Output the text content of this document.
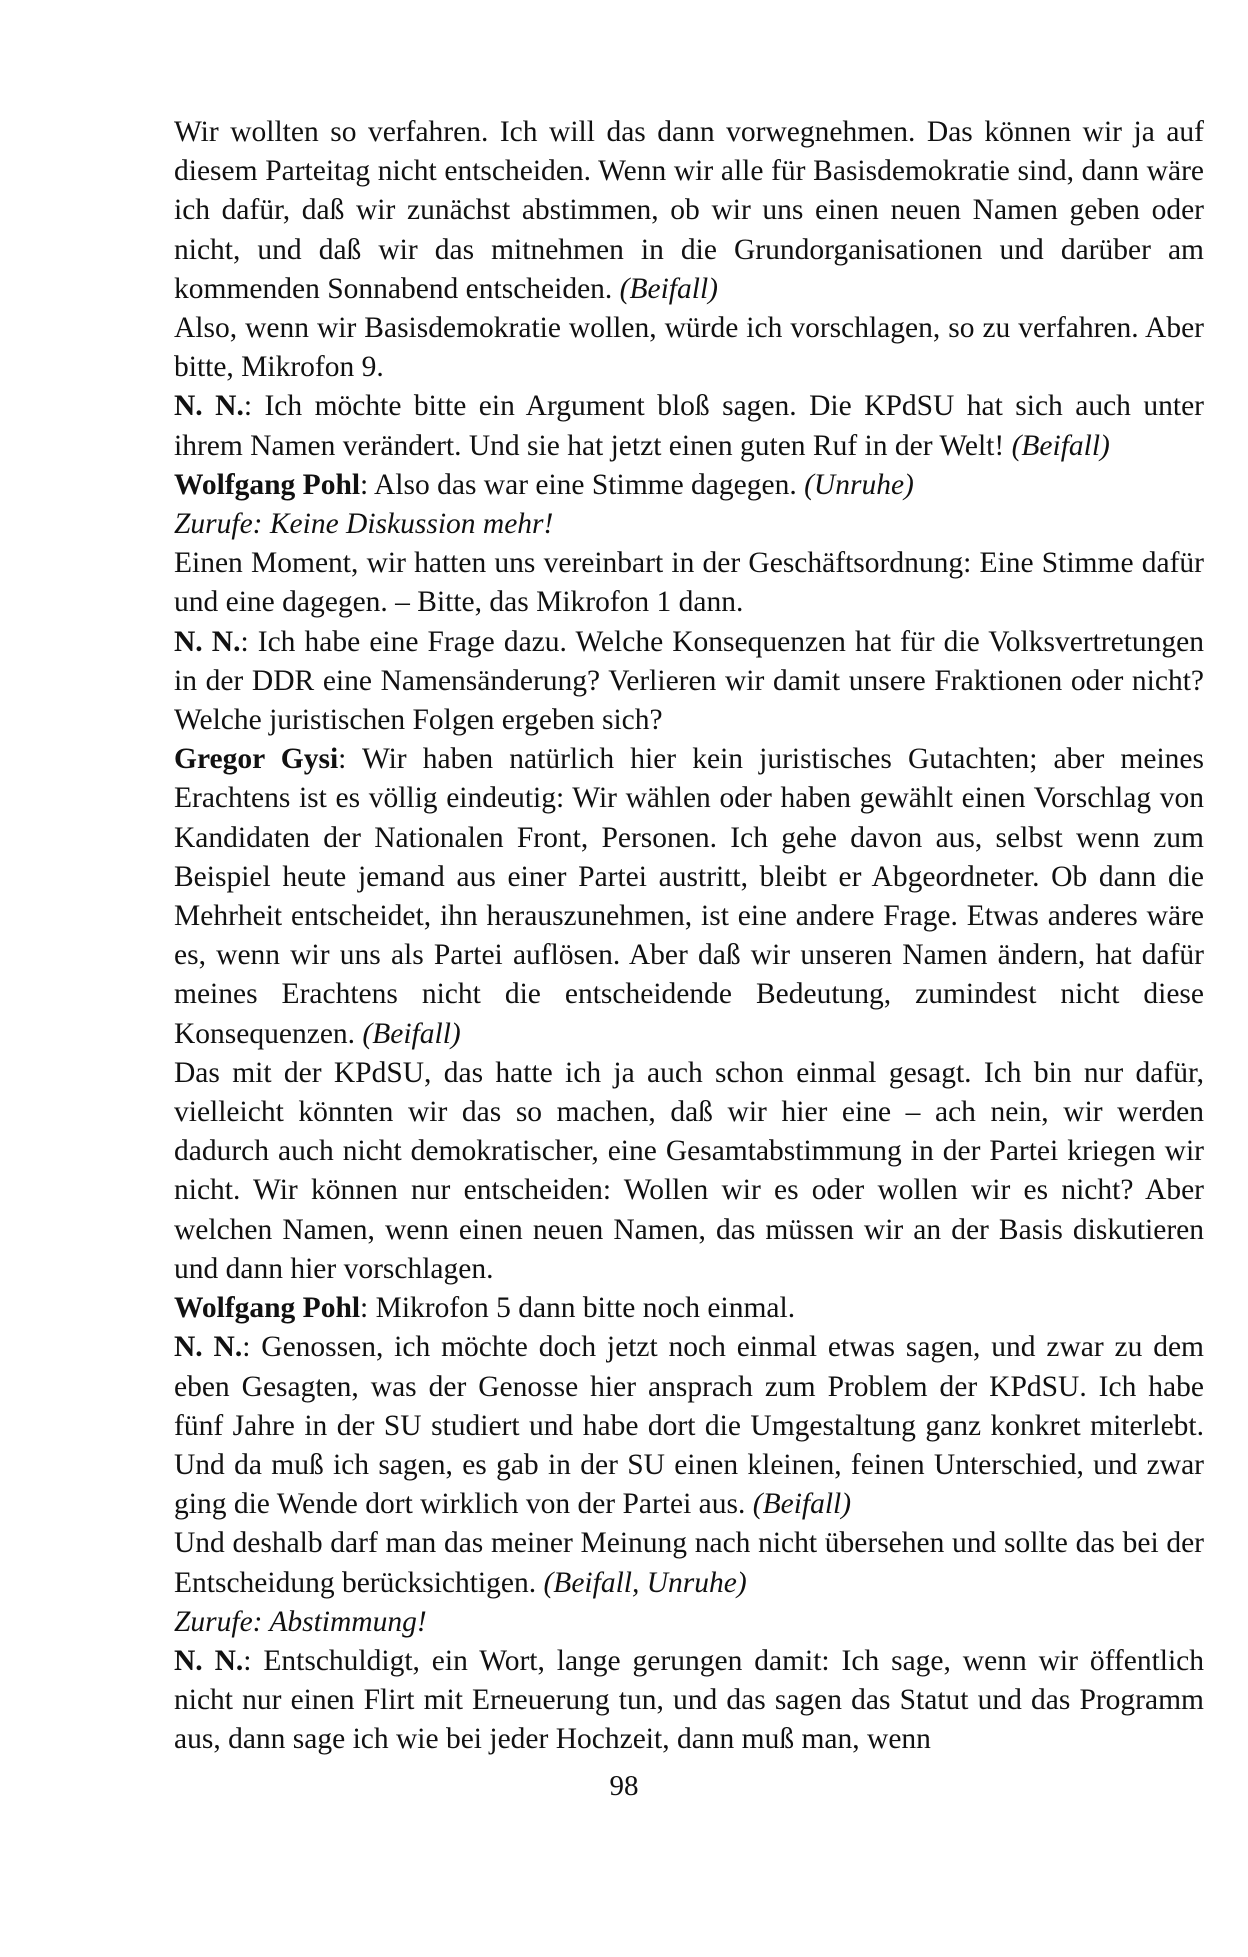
Wir wollten so verfahren. Ich will das dann vorwegnehmen. Das können wir ja auf diesem Parteitag nicht entscheiden. Wenn wir alle für Basisdemokratie sind, dann wäre ich dafür, daß wir zunächst abstimmen, ob wir uns einen neuen Namen geben oder nicht, und daß wir das mitnehmen in die Grundorganisationen und darüber am kommenden Sonnabend entscheiden. (Beifall)

Also, wenn wir Basisdemokratie wollen, würde ich vorschlagen, so zu verfahren. Aber bitte, Mikrofon 9.

N. N.: Ich möchte bitte ein Argument bloß sagen. Die KPdSU hat sich auch unter ihrem Namen verändert. Und sie hat jetzt einen guten Ruf in der Welt! (Beifall)

Wolfgang Pohl: Also das war eine Stimme dagegen. (Unruhe)

Zurufe: Keine Diskussion mehr!

Einen Moment, wir hatten uns vereinbart in der Geschäftsordnung: Eine Stimme dafür und eine dagegen. – Bitte, das Mikrofon 1 dann.

N. N.: Ich habe eine Frage dazu. Welche Konsequenzen hat für die Volksvertretungen in der DDR eine Namensänderung? Verlieren wir damit unsere Fraktionen oder nicht? Welche juristischen Folgen ergeben sich?

Gregor Gysi: Wir haben natürlich hier kein juristisches Gutachten; aber meines Erachtens ist es völlig eindeutig: Wir wählen oder haben gewählt einen Vorschlag von Kandidaten der Nationalen Front, Personen. Ich gehe davon aus, selbst wenn zum Beispiel heute jemand aus einer Partei austritt, bleibt er Abgeordneter. Ob dann die Mehrheit entscheidet, ihn herauszunehmen, ist eine andere Frage. Etwas anderes wäre es, wenn wir uns als Partei auflösen. Aber daß wir unseren Namen ändern, hat dafür meines Erachtens nicht die entscheidende Bedeutung, zumindest nicht diese Konsequenzen. (Beifall)

Das mit der KPdSU, das hatte ich ja auch schon einmal gesagt. Ich bin nur dafür, vielleicht könnten wir das so machen, daß wir hier eine – ach nein, wir werden dadurch auch nicht demokratischer, eine Gesamtabstimmung in der Partei kriegen wir nicht. Wir können nur entscheiden: Wollen wir es oder wollen wir es nicht? Aber welchen Namen, wenn einen neuen Namen, das müssen wir an der Basis diskutieren und dann hier vorschlagen.

Wolfgang Pohl: Mikrofon 5 dann bitte noch einmal.

N. N.: Genossen, ich möchte doch jetzt noch einmal etwas sagen, und zwar zu dem eben Gesagten, was der Genosse hier ansprach zum Problem der KPdSU. Ich habe fünf Jahre in der SU studiert und habe dort die Umgestaltung ganz konkret miterlebt. Und da muß ich sagen, es gab in der SU einen kleinen, feinen Unterschied, und zwar ging die Wende dort wirklich von der Partei aus. (Beifall)

Und deshalb darf man das meiner Meinung nach nicht übersehen und sollte das bei der Entscheidung berücksichtigen. (Beifall, Unruhe)

Zurufe: Abstimmung!

N. N.: Entschuldigt, ein Wort, lange gerungen damit: Ich sage, wenn wir öffentlich nicht nur einen Flirt mit Erneuerung tun, und das sagen das Statut und das Programm aus, dann sage ich wie bei jeder Hochzeit, dann muß man, wenn

98
